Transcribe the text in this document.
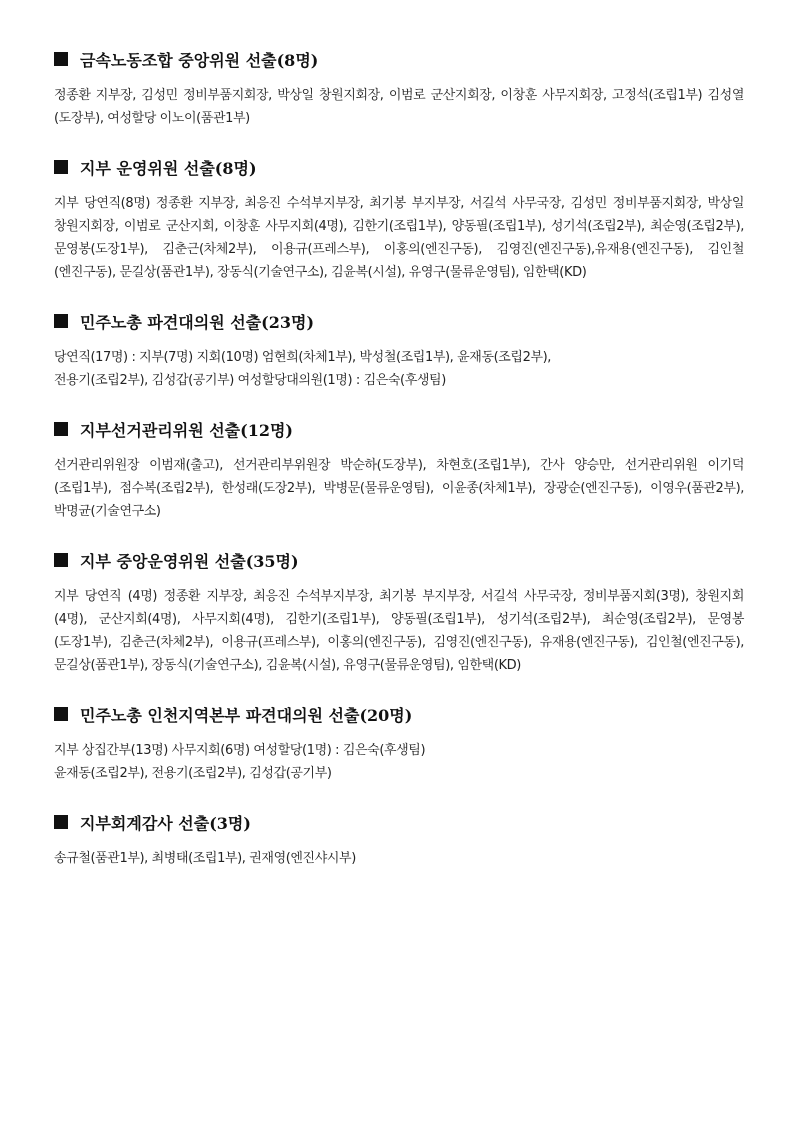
금속노동조합 중앙위원 선출(8명)

정종환 지부장, 김성민 정비부품지회장, 박상일 창원지회장, 이범로 군산지회장, 이창훈 사무지회장, 고정석(조립1부) 김성열(도장부), 여성할당 이노이(품관1부)

지부 운영위원 선출(8명)

지부 당연직(8명) 정종환 지부장, 최응진 수석부지부장, 최기봉 부지부장, 서길석 사무국장, 김성민 정비부품지회장, 박상일 창원지회장, 이범로 군산지회, 이창훈 사무지회(4명), 김한기(조립1부), 양동필(조립1부), 성기석(조립2부), 최순영(조립2부), 문영봉(도장1부), 김춘근(차체2부), 이용규(프레스부), 이홍의(엔진구동), 김영진(엔진구동),유재용(엔진구동), 김인철(엔진구동), 문길상(품관1부), 장동식(기술연구소), 김윤복(시설), 유영구(물류운영팀), 임한택(KD)

민주노총 파견대의원 선출(23명)

당연직(17명) : 지부(7명) 지회(10명) 엄현희(차체1부), 박성철(조립1부), 윤재동(조립2부),

전용기(조립2부), 김성갑(공기부) 여성할당대의원(1명) : 김은숙(후생팀)

지부선거관리위원 선출(12명)

선거관리위원장 이범재(출고), 선거관리부위원장 박순하(도장부), 차현호(조립1부), 간사 양승만, 선거관리위원 이기덕(조립1부), 점수복(조립2부), 한성래(도장2부), 박병문(물류운영팀), 이윤종(차체1부), 장광순(엔진구동), 이영우(품관2부), 박명균(기술연구소)

지부 중앙운영위원 선출(35명)

지부 당연직 (4명) 정종환 지부장, 최응진 수석부지부장, 최기봉 부지부장, 서길석 사무국장, 정비부품지회(3명), 창원지회(4명), 군산지회(4명), 사무지회(4명), 김한기(조립1부), 양동필(조립1부), 성기석(조립2부), 최순영(조립2부), 문영봉(도장1부), 김춘근(차체2부), 이용규(프레스부), 이홍의(엔진구동), 김영진(엔진구동), 유재용(엔진구동), 김인철(엔진구동), 문길상(품관1부), 장동식(기술연구소), 김윤복(시설), 유영구(물류운영팀), 임한택(KD)

민주노총 인천지역본부 파견대의원 선출(20명)

지부 상집간부(13명) 사무지회(6명) 여성할당(1명) : 김은숙(후생팀)

윤재동(조립2부), 전용기(조립2부), 김성갑(공기부)

지부회계감사 선출(3명)

송규철(품관1부), 최병태(조립1부), 권재영(엔진샤시부)
